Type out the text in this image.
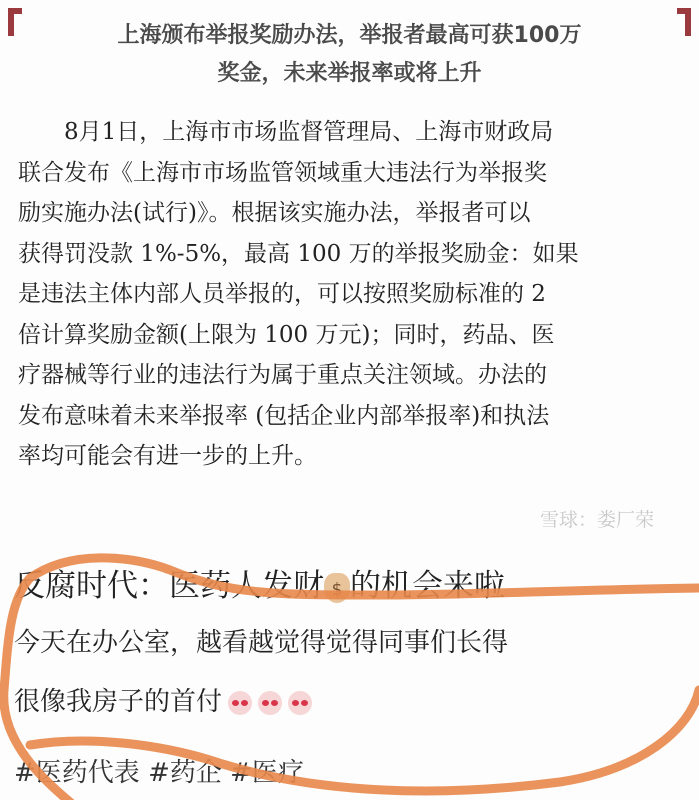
上海颁布举报奖励办法，举报者最高可获100万
奖金，未来举报率或将上升
8月1日，上海市市场监督管理局、上海市财政局
联合发布《上海市市场监管领域重大违法行为举报奖
励实施办法(试行)》。根据该实施办法，举报者可以
获得罚没款 1%-5%，最高 100 万的举报奖励金：如果
是违法主体内部人员举报的，可以按照奖励标准的 2
倍计算奖励金额(上限为 100 万元)；同时，药品、医
疗器械等行业的违法行为属于重点关注领域。办法的
发布意味着未来举报率 (包括企业内部举报率)和执法
率均可能会有进一步的上升。
雪球：娄厂荣
反腐时代：医药人发财 $ 的机会来啦
今天在办公室，越看越觉得觉得同事们长得
很像我房子的首付
#医药代表 #药企 #医疗
